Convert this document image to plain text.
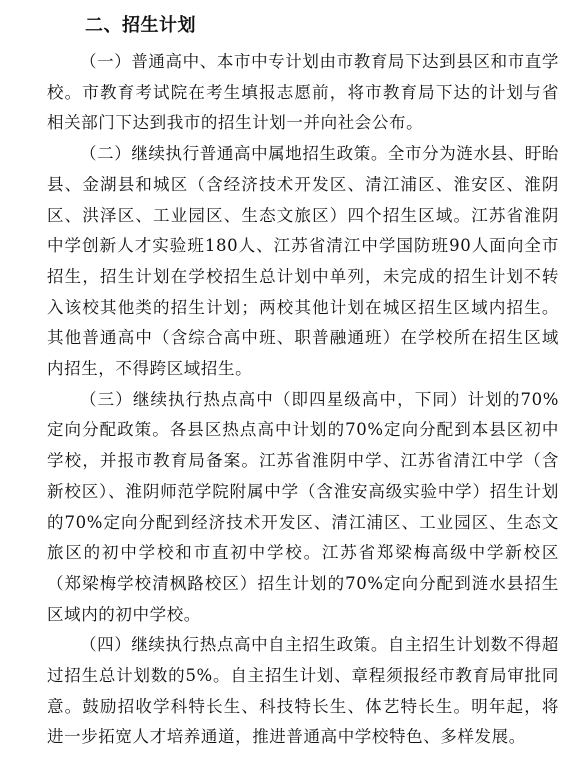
二、招生计划

（一）普通高中、本市中专计划由市教育局下达到县区和市直学校。市教育考试院在考生填报志愿前，将市教育局下达的计划与省相关部门下达到我市的招生计划一并向社会公布。

（二）继续执行普通高中属地招生政策。全市分为涟水县、盱眙县、金湖县和城区（含经济技术开发区、清江浦区、淮安区、淮阴区、洪泽区、工业园区、生态文旅区）四个招生区域。江苏省淮阴中学创新人才实验班180人、江苏省清江中学国防班90人面向全市招生，招生计划在学校招生总计划中单列，未完成的招生计划不转入该校其他类的招生计划；两校其他计划在城区招生区域内招生。其他普通高中（含综合高中班、职普融通班）在学校所在招生区域内招生，不得跨区域招生。

（三）继续执行热点高中（即四星级高中，下同）计划的70%定向分配政策。各县区热点高中计划的70%定向分配到本县区初中学校，并报市教育局备案。江苏省淮阴中学、江苏省清江中学（含新校区）、淮阴师范学院附属中学（含淮安高级实验中学）招生计划的70%定向分配到经济技术开发区、清江浦区、工业园区、生态文旅区的初中学校和市直初中学校。江苏省郑梁梅高级中学新校区（郑梁梅学校清枫路校区）招生计划的70%定向分配到涟水县招生区域内的初中学校。

（四）继续执行热点高中自主招生政策。自主招生计划数不得超过招生总计划数的5%。自主招生计划、章程须报经市教育局审批同意。鼓励招收学科特长生、科技特长生、体艺特长生。明年起，将进一步拓宽人才培养通道，推进普通高中学校特色、多样发展。
